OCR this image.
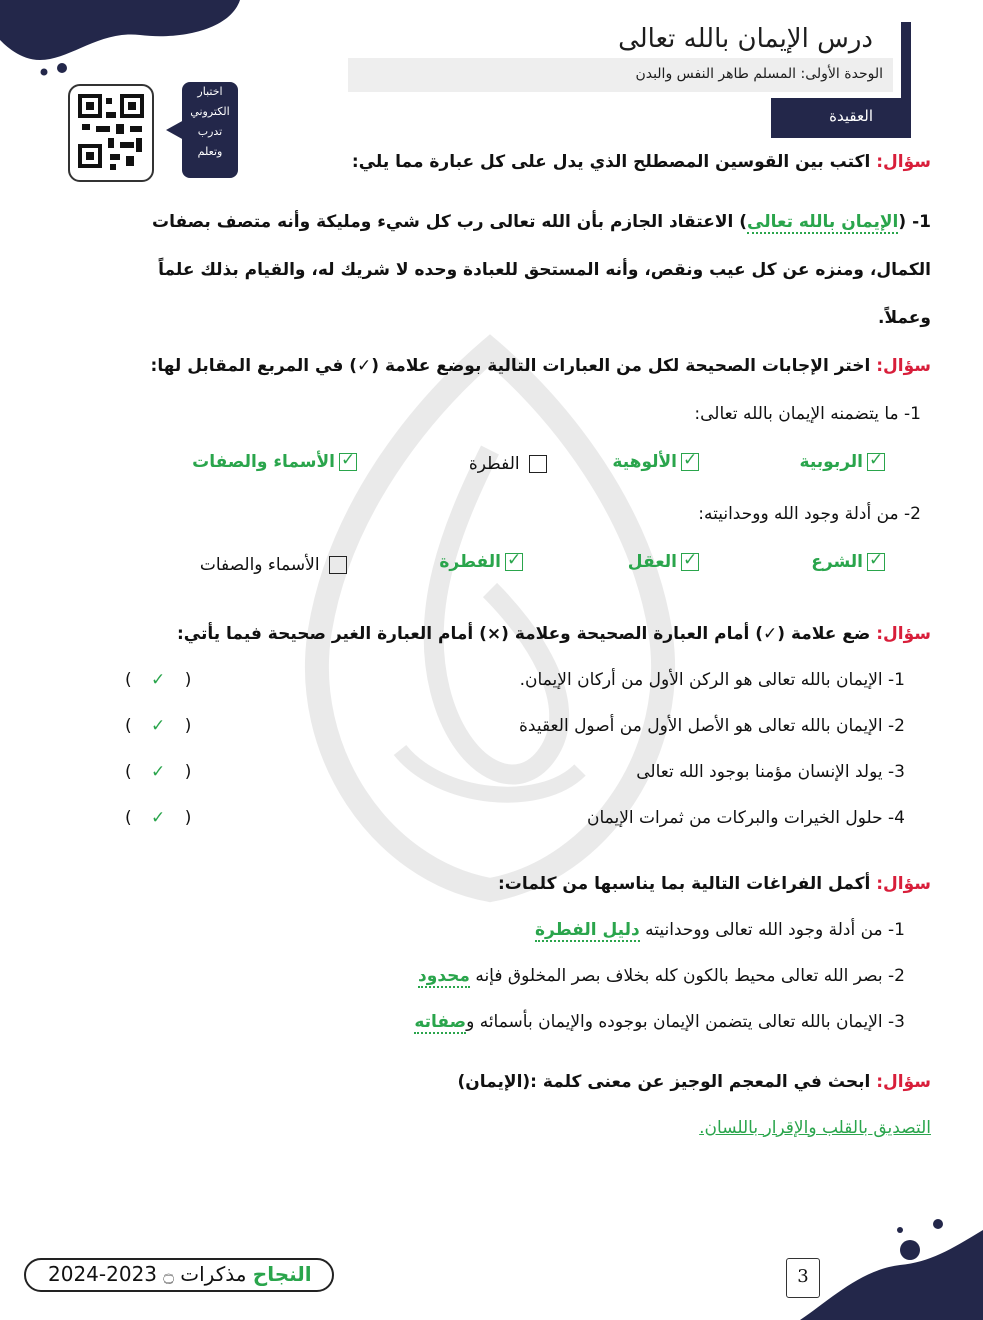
درس الإيمان بالله تعالى
الوحدة الأولى: المسلم طاهر النفس والبدن
العقيدة
اختبار
الكتروني
تدرب
وتعلم
سؤال: اكتب بين القوسين المصطلح الذي يدل على كل عبارة مما يلي:
1- (الإيمان بالله تعالى) الاعتقاد الجازم بأن الله تعالى رب كل شيء ومليكة وأنه متصف بصفات الكمال، ومنزه عن كل عيب ونقص، وأنه المستحق للعبادة وحده لا شريك له، والقيام بذلك علماً وعملاً.
سؤال: اختر الإجابات الصحيحة لكل من العبارات التالية بوضع علامة (✓) في المربع المقابل لها:
1- ما يتضمنه الإيمان بالله تعالى:
✓الربوبية
✓الألوهية
الفطرة
✓الأسماء والصفات
2- من أدلة وجود الله ووحدانيته:
✓الشرع
✓العقل
✓الفطرة
الأسماء والصفات
سؤال: ضع علامة (✓) أمام العبارة الصحيحة وعلامة (×) أمام العبارة الغير صحيحة فيما يأتي:
1- الإيمان بالله تعالى هو الركن الأول من أركان الإيمان.
( ✓ )
2- الإيمان بالله تعالى هو الأصل الأول من أصول العقيدة
( ✓ )
3- يولد الإنسان مؤمنا بوجود الله تعالى
( ✓ )
4- حلول الخيرات والبركات من ثمرات الإيمان
( ✓ )
سؤال: أكمل الفراغات التالية بما يناسبها من كلمات:
1- من أدلة وجود الله تعالى ووحدانيته دليل الفطرة
2- بصر الله تعالى محيط بالكون كله بخلاف بصر المخلوق فإنه محدود
3- الإيمان بالله تعالى يتضمن الإيمان بوجوده والإيمان بأسمائه وصفاته
سؤال: ابحث في المعجم الوجيز عن معنى كلمة :(الإيمان)
التصديق بالقلب والإقرار باللسان.
2024-2023	النجاح مذكرات ۝	3
